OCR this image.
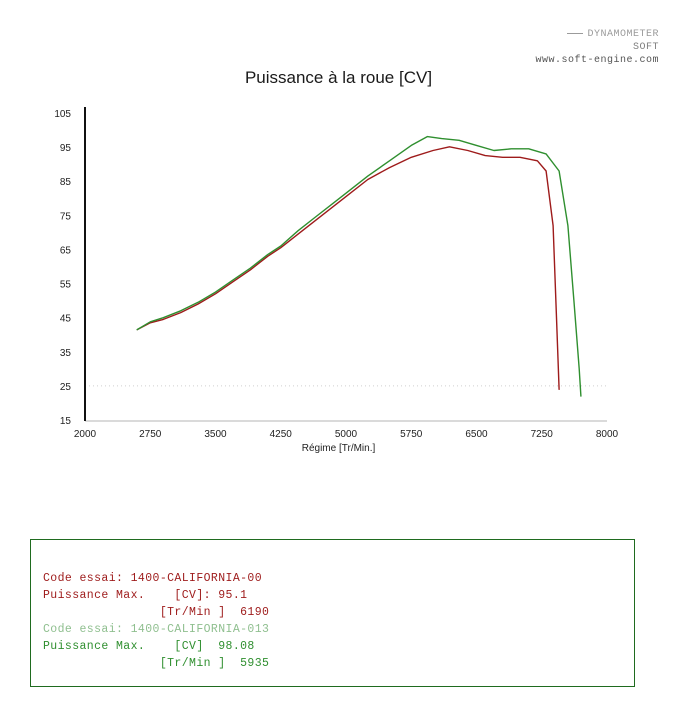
DYNAMOMETER
SOFT
www.soft-engine.com
Puissance à la roue [CV]
15
25
35
45
55
65
75
85
95
105
2000	2750	3500	4250	5000	5750	6500	7250	8000
Régime [Tr/Min.]
Code essai: 1400-CALIFORNIA-00
Puissance Max.    [CV]: 95.1
[Tr/Min ]  6190
Code essai: 1400-CALIFORNIA-013
Puissance Max.    [CV]  98.08
[Tr/Min ]  5935
